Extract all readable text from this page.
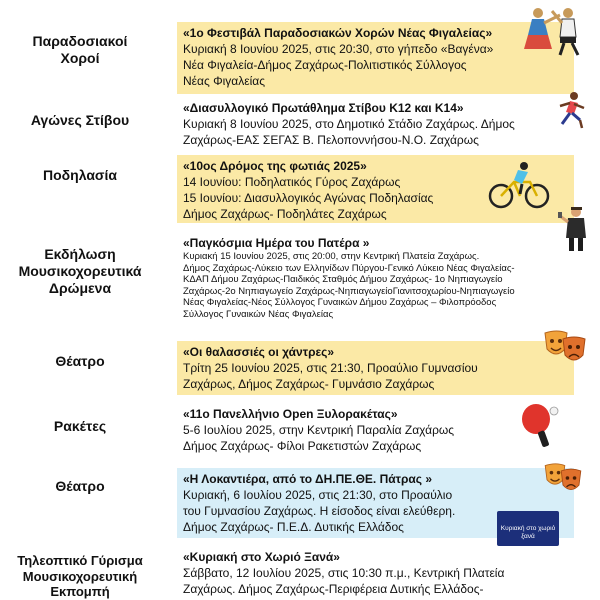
Παραδοσιακοί
Χοροί
«1ο Φεστιβάλ Παραδοσιακών Χορών Νέας Φιγαλείας»
Κυριακή 8 Ιουνίου 2025, στις 20:30, στο γήπεδο «Βαγένα»
Νέα Φιγαλεία-Δήμος Ζαχάρως-Πολιτιστικός Σύλλογος
Νέας Φιγαλείας
Αγώνες Στίβου
«Διασυλλογικό Πρωτάθλημα Στίβου Κ12 και Κ14»
Κυριακή 8 Ιουνίου 2025, στο Δημοτικό Στάδιο Ζαχάρως. Δήμος
Ζαχάρως-ΕΑΣ ΣΕΓΑΣ Β. Πελοποννήσου-Ν.Ο. Ζαχάρως
Ποδηλασία
«10ος Δρόμος της φωτιάς 2025»
14 Ιουνίου: Ποδηλατικός Γύρος Ζαχάρως
15 Ιουνίου: Διασυλλογικός Αγώνας Ποδηλασίας
Δήμος Ζαχάρως- Ποδηλάτες Ζαχάρως
Εκδήλωση
Μουσικοχορευτικά
Δρώμενα
«Παγκόσμια Ημέρα του Πατέρα »
Κυριακή 15 Ιουνίου 2025, στις 20:00, στην Κεντρική Πλατεία Ζαχάρως.
Δήμος Ζαχάρως-Λύκειο των Ελληνίδων Πύργου-Γενικό Λύκειο Νέας Φιγαλείας-
ΚΔΑΠ Δήμου Ζαχάρως-Παιδικός Σταθμός Δήμου Ζαχάρως- 1ο Νηπιαγωγείο
Ζαχάρως-2ο Νηπιαγωγείο Ζαχάρως-ΝηπιαγωγείοΓιανιτσοχωρίου-Νηπιαγωγείο
Νέας Φιγαλείας-Νέος Σύλλογος Γυναικών Δήμου Ζαχάρως – Φιλοπρόοδος
Σύλλογος Γυναικών Νέας Φιγαλείας
Θέατρο
«Οι θαλασσιές οι χάντρες»
Τρίτη 25 Ιουνίου 2025, στις 21:30, Προαύλιο Γυμνασίου
Ζαχάρως, Δήμος Ζαχάρως- Γυμνάσιο Ζαχάρως
Ρακέτες
«11ο Πανελλήνιο Open Ξυλορακέτας»
5-6 Ιουλίου 2025, στην Κεντρική Παραλία Ζαχάρως
Δήμος Ζαχάρως- Φίλοι Ρακετιστών Ζαχάρως
Θέατρο	«Η Λοκαντιέρα, από το ΔΗ.ΠΕ.ΘΕ. Πάτρας »
Κυριακή, 6 Ιουλίου 2025, στις 21:30, στο Προαύλιο
του Γυμνασίου Ζαχάρως. Η είσοδος είναι ελεύθερη.
Δήμος Ζαχάρως- Π.Ε.Δ. Δυτικής Ελλάδος	Κυριακή στο χωριό
ξανά
Τηλεοπτικό Γύρισμα
Μουσικοχορευτική
Εκπομπή
«Κυριακή στο Χωριό Ξανά»
Σάββατο, 12 Ιουλίου 2025, στις 10:30 π.μ., Κεντρική Πλατεία
Ζαχάρως. Δήμος Ζαχάρως-Περιφέρεια Δυτικής Ελλάδος-
